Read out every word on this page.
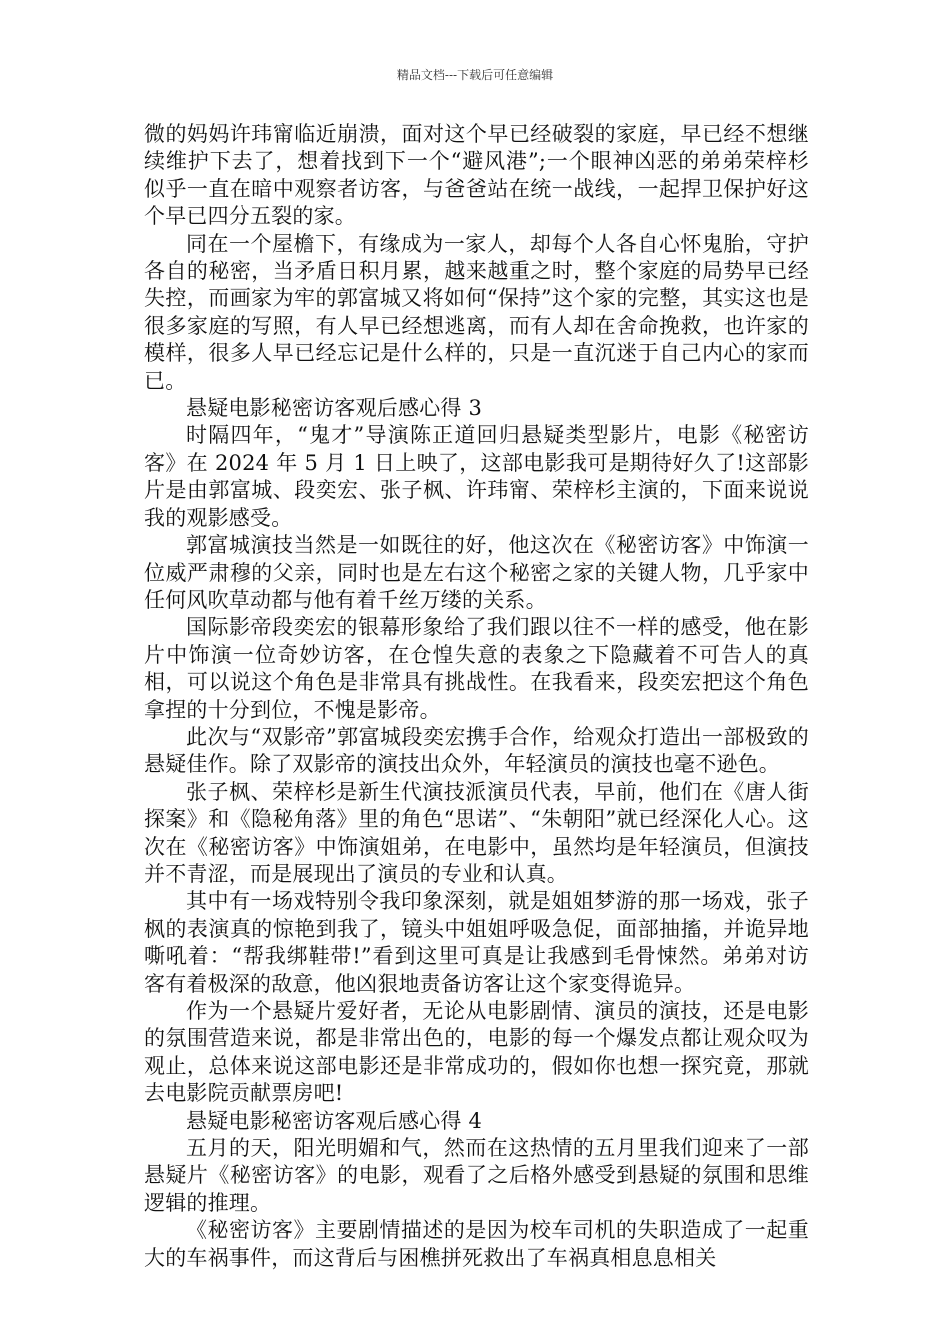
精品文档---下载后可任意编辑

微的妈妈许玮甯临近崩溃，面对这个早已经破裂的家庭，早已经不想继续维护下去了，想着找到下一个“避风港”;一个眼神凶恶的弟弟荣梓杉似乎一直在暗中观察者访客，与爸爸站在统一战线，一起捍卫保护好这个早已四分五裂的家。

同在一个屋檐下，有缘成为一家人，却每个人各自心怀鬼胎，守护各自的秘密，当矛盾日积月累，越来越重之时，整个家庭的局势早已经失控，而画家为牢的郭富城又将如何“保持”这个家的完整，其实这也是很多家庭的写照，有人早已经想逃离，而有人却在舍命挽救，也许家的模样，很多人早已经忘记是什么样的，只是一直沉迷于自己内心的家而已。

悬疑电影秘密访客观后感心得 3

时隔四年，“鬼才”导演陈正道回归悬疑类型影片，电影《秘密访客》在 2024 年 5 月 1 日上映了，这部电影我可是期待好久了!这部影片是由郭富城、段奕宏、张子枫、许玮甯、荣梓杉主演的，下面来说说我的观影感受。

郭富城演技当然是一如既往的好，他这次在《秘密访客》中饰演一位威严肃穆的父亲，同时也是左右这个秘密之家的关键人物，几乎家中任何风吹草动都与他有着千丝万缕的关系。

国际影帝段奕宏的银幕形象给了我们跟以往不一样的感受，他在影片中饰演一位奇妙访客，在仓惶失意的表象之下隐藏着不可告人的真相，可以说这个角色是非常具有挑战性。在我看来，段奕宏把这个角色拿捏的十分到位，不愧是影帝。

此次与“双影帝”郭富城段奕宏携手合作，给观众打造出一部极致的悬疑佳作。除了双影帝的演技出众外，年轻演员的演技也毫不逊色。

张子枫、荣梓杉是新生代演技派演员代表，早前，他们在《唐人街探案》和《隐秘角落》里的角色“思诺”、“朱朝阳”就已经深化人心。这次在《秘密访客》中饰演姐弟，在电影中，虽然均是年轻演员，但演技并不青涩，而是展现出了演员的专业和认真。

其中有一场戏特别令我印象深刻，就是姐姐梦游的那一场戏，张子枫的表演真的惊艳到我了，镜头中姐姐呼吸急促，面部抽搐，并诡异地嘶吼着：“帮我绑鞋带!”看到这里可真是让我感到毛骨悚然。弟弟对访客有着极深的敌意，他凶狠地责备访客让这个家变得诡异。

作为一个悬疑片爱好者，无论从电影剧情、演员的演技，还是电影的氛围营造来说，都是非常出色的，电影的每一个爆发点都让观众叹为观止，总体来说这部电影还是非常成功的，假如你也想一探究竟，那就去电影院贡献票房吧!

悬疑电影秘密访客观后感心得 4

五月的天，阳光明媚和气，然而在这热情的五月里我们迎来了一部悬疑片《秘密访客》的电影，观看了之后格外感受到悬疑的氛围和思维逻辑的推理。

《秘密访客》主要剧情描述的是因为校车司机的失职造成了一起重大的车祸事件，而这背后与困樵拼死救出了车祸真相息息相关
